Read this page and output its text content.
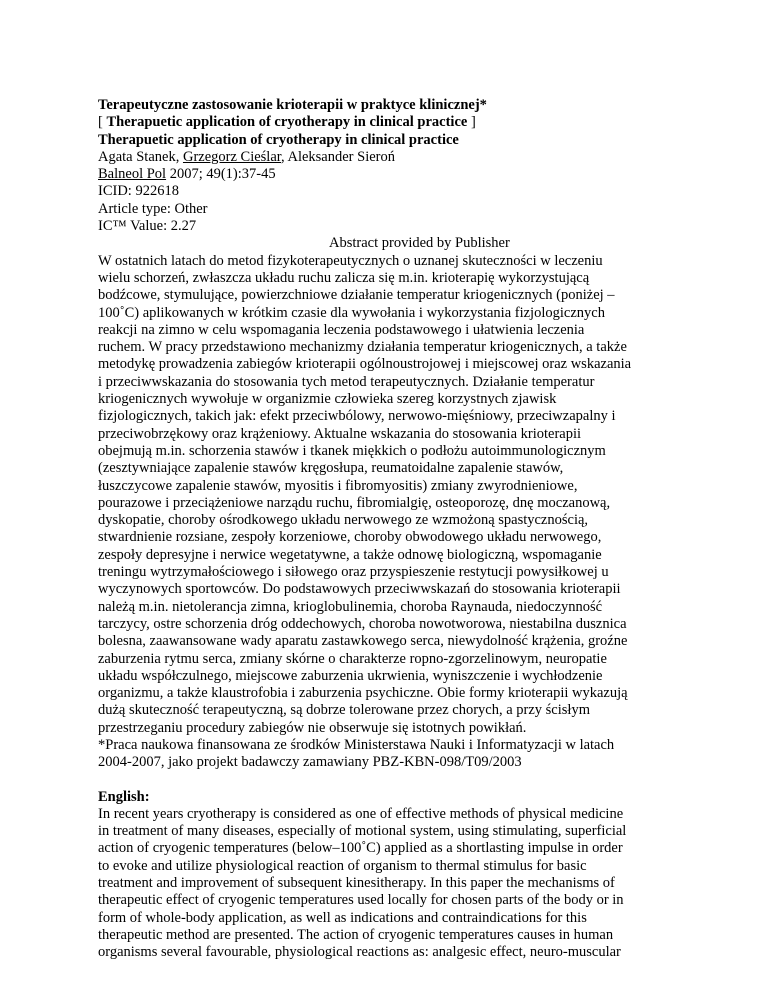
Terapeutyczne zastosowanie krioterapii w praktyce klinicznej*
[ Therapuetic application of cryotherapy in clinical practice ]
Therapuetic application of cryotherapy in clinical practice
Agata Stanek, Grzegorz Cieślar, Aleksander Sieroń
Balneol Pol 2007; 49(1):37-45
ICID: 922618
Article type: Other
IC™ Value: 2.27
Abstract provided by Publisher
W ostatnich latach do metod fizykoterapeutycznych o uznanej skuteczności w leczeniu
wielu schorzeń, zwłaszcza układu ruchu zalicza się m.in. krioterapię wykorzystującą
bodźcowe, stymulujące, powierzchniowe działanie temperatur kriogenicznych (poniżej –
100˚C) aplikowanych w krótkim czasie dla wywołania i wykorzystania fizjologicznych
reakcji na zimno w celu wspomagania leczenia podstawowego i ułatwienia leczenia
ruchem. W pracy przedstawiono mechanizmy działania temperatur kriogenicznych, a także
metodykę prowadzenia zabiegów krioterapii ogólnoustrojowej i miejscowej oraz wskazania
i przeciwwskazania do stosowania tych metod terapeutycznych. Działanie temperatur
kriogenicznych wywołuje w organizmie człowieka szereg korzystnych zjawisk
fizjologicznych, takich jak: efekt przeciwbólowy, nerwowo-mięśniowy, przeciwzapalny i
przeciwobrzękowy oraz krążeniowy. Aktualne wskazania do stosowania krioterapii
obejmują m.in. schorzenia stawów i tkanek miękkich o podłożu autoimmunologicznym
(zesztywniające zapalenie stawów kręgosłupa, reumatoidalne zapalenie stawów,
łuszczycowe zapalenie stawów, myositis i fibromyositis) zmiany zwyrodnieniowe,
pourazowe i przeciążeniowe narządu ruchu, fibromialgię, osteoporozę, dnę moczanową,
dyskopatie, choroby ośrodkowego układu nerwowego ze wzmożoną spastycznością,
stwardnienie rozsiane, zespoły korzeniowe, choroby obwodowego układu nerwowego,
zespoły depresyjne i nerwice wegetatywne, a także odnowę biologiczną, wspomaganie
treningu wytrzymałościowego i siłowego oraz przyspieszenie restytucji powysiłkowej u
wyczynowych sportowców. Do podstawowych przeciwwskazań do stosowania krioterapii
należą m.in. nietolerancja zimna, krioglobulinemia, choroba Raynauda, niedoczynność
tarczycy, ostre schorzenia dróg oddechowych, choroba nowotworowa, niestabilna dusznica
bolesna, zaawansowane wady aparatu zastawkowego serca, niewydolność krążenia, groźne
zaburzenia rytmu serca, zmiany skórne o charakterze ropno-zgorzelinowym, neuropatie
układu współczulnego, miejscowe zaburzenia ukrwienia, wyniszczenie i wychłodzenie
organizmu, a także klaustrofobia i zaburzenia psychiczne. Obie formy krioterapii wykazują
dużą skuteczność terapeutyczną, są dobrze tolerowane przez chorych, a przy ścisłym
przestrzeganiu procedury zabiegów nie obserwuje się istotnych powikłań.
*Praca naukowa finansowana ze środków Ministerstawa Nauki i Informatyzacji w latach
2004-2007, jako projekt badawczy zamawiany PBZ-KBN-098/T09/2003
English:
In recent years cryotherapy is considered as one of effective methods of physical medicine
in treatment of many diseases, especially of motional system, using stimulating, superficial
action of cryogenic temperatures (below–100˚C) applied as a shortlasting impulse in order
to evoke and utilize physiological reaction of organism to thermal stimulus for basic
treatment and improvement of subsequent kinesitherapy. In this paper the mechanisms of
therapeutic effect of cryogenic temperatures used locally for chosen parts of the body or in
form of whole-body application, as well as indications and contraindications for this
therapeutic method are presented. The action of cryogenic temperatures causes in human
organisms several favourable, physiological reactions as: analgesic effect, neuro-muscular
